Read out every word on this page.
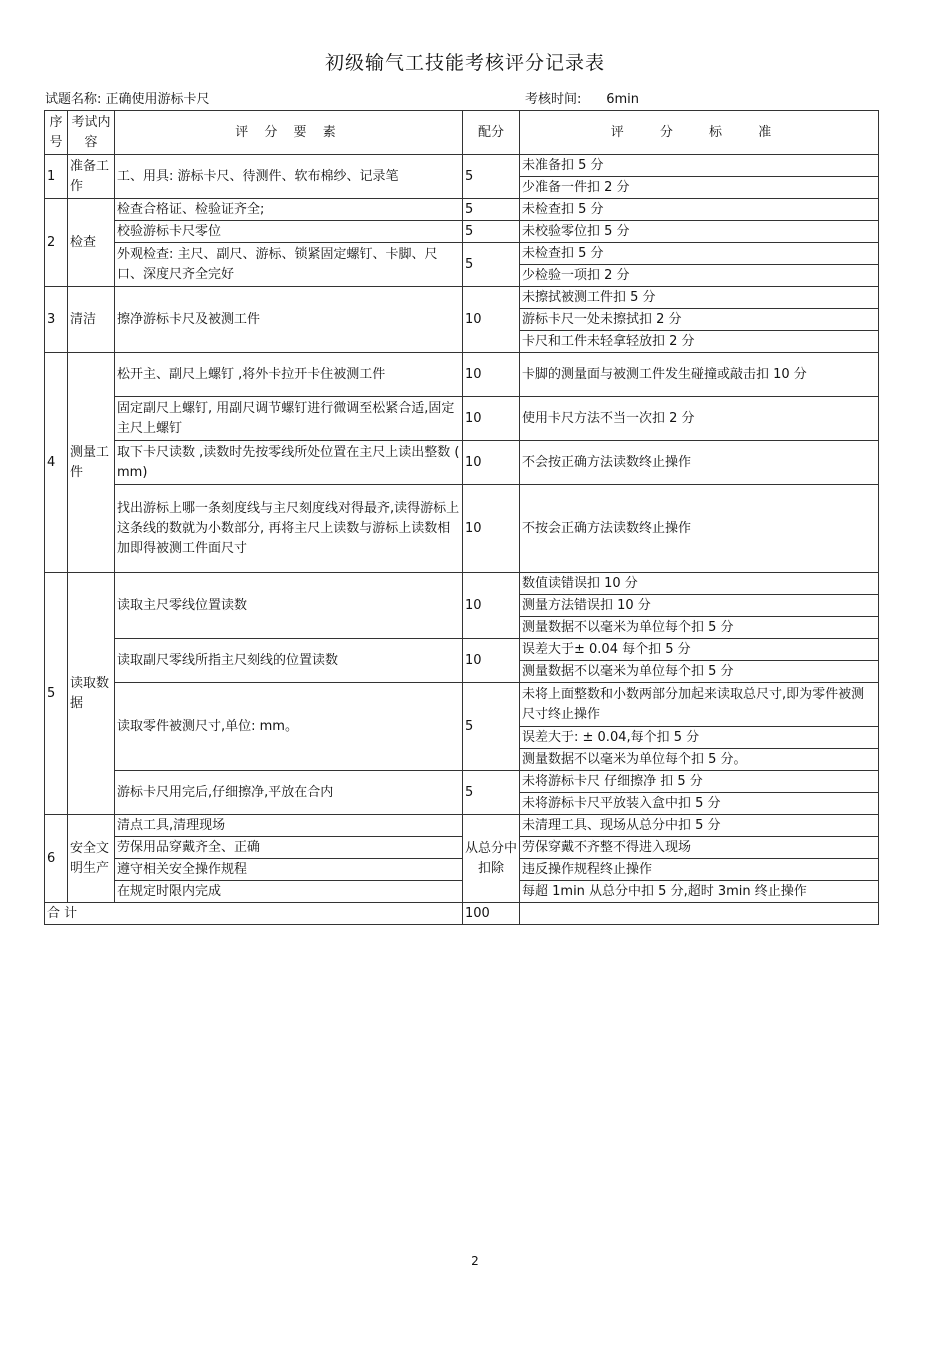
初级输气工技能考核评分记录表
试题名称: 正确使用游标卡尺	考核时间: 6min
序号	考试内容	评 分 要 素	配分	评 分 标 准
1	准备工作	工、用具: 游标卡尺、待测件、软布棉纱、记录笔	5	未准备扣 5 分
				少准备一件扣 2 分
2	检查	检查合格证、检验证齐全;	5	未检查扣 5 分
		校验游标卡尺零位	5	未校验零位扣 5 分
		外观检查: 主尺、副尺、游标、锁紧固定螺钉、卡脚、尺口、深度尺齐全完好	5	未检查扣 5 分
				少检验一项扣 2 分
3	清洁	擦净游标卡尺及被测工件	10	未擦拭被测工件扣 5 分
				游标卡尺一处未擦拭扣 2 分
				卡尺和工件未轻拿轻放扣 2 分
4	测量工件	松开主、副尺上螺钉 ,将外卡拉开卡住被测工件	10	卡脚的测量面与被测工件发生碰撞或敲击扣 10 分
		固定副尺上螺钉, 用副尺调节螺钉进行微调至松紧合适,固定主尺上螺钉	10	使用卡尺方法不当一次扣 2 分
		取下卡尺读数 ,读数时先按零线所处位置在主尺上读出整数 ( mm)	10	不会按正确方法读数终止操作
		找出游标上哪一条刻度线与主尺刻度线对得最齐,读得游标上这条线的数就为小数部分, 再将主尺上读数与游标上读数相加即得被测工件面尺寸	10	不按会正确方法读数终止操作
5	读取数据	读取主尺零线位置读数	10	数值读错误扣 10 分
				测量方法错误扣 10 分
				测量数据不以毫米为单位每个扣 5 分
		读取副尺零线所指主尺刻线的位置读数	10	误差大于± 0.04 每个扣 5 分
				测量数据不以毫米为单位每个扣 5 分
		读取零件被测尺寸,单位: mm。	5	未将上面整数和小数两部分加起来读取总尺寸,即为零件被测尺寸终止操作
				误差大于: ± 0.04,每个扣 5 分
				测量数据不以毫米为单位每个扣 5 分。
		游标卡尺用完后,仔细擦净,平放在合内	5	未将游标卡尺 仔细擦净 扣 5 分
				未将游标卡尺平放装入盒中扣 5 分
6	安全文明生产	清点工具,清理现场	从总分中扣除	未清理工具、现场从总分中扣 5 分
		劳保用品穿戴齐全、正确		劳保穿戴不齐整不得进入现场
		遵守相关安全操作规程		违反操作规程终止操作
		在规定时限内完成		每超 1min 从总分中扣 5 分,超时 3min 终止操作
合 计			100	
2
